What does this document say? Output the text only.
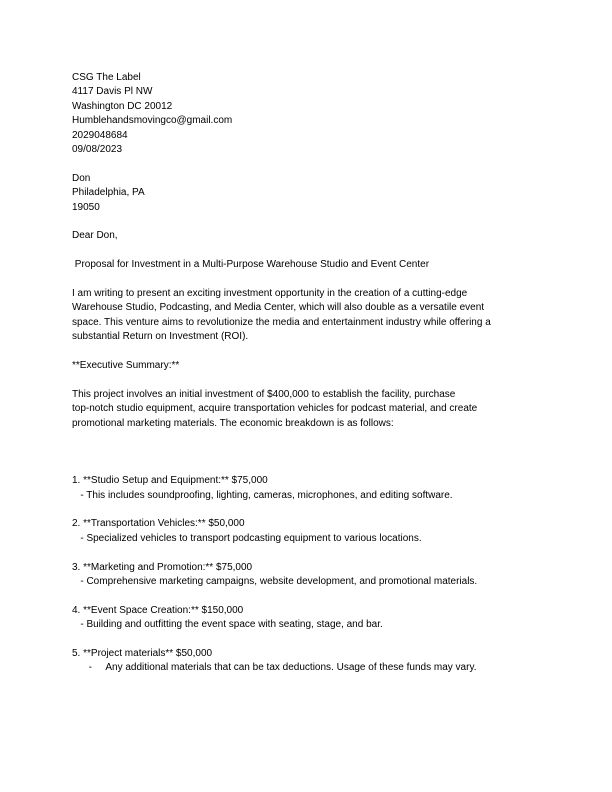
CSG The Label
4117 Davis Pl NW
Washington DC 20012
Humblehandsmovingco@gmail.com
2029048684
09/08/2023
Don
Philadelphia, PA
19050
Dear Don,
Proposal for Investment in a Multi-Purpose Warehouse Studio and Event Center
I am writing to present an exciting investment opportunity in the creation of a cutting-edge
Warehouse Studio, Podcasting, and Media Center, which will also double as a versatile event
space. This venture aims to revolutionize the media and entertainment industry while offering a
substantial Return on Investment (ROI).
**Executive Summary:**
This project involves an initial investment of $400,000 to establish the facility, purchase
top-notch studio equipment, acquire transportation vehicles for podcast material, and create
promotional marketing materials. The economic breakdown is as follows:
1. **Studio Setup and Equipment:** $75,000
- This includes soundproofing, lighting, cameras, microphones, and editing software.
2. **Transportation Vehicles:** $50,000
- Specialized vehicles to transport podcasting equipment to various locations.
3. **Marketing and Promotion:** $75,000
- Comprehensive marketing campaigns, website development, and promotional materials.
4. **Event Space Creation:** $150,000
- Building and outfitting the event space with seating, stage, and bar.
5. **Project materials** $50,000
-     Any additional materials that can be tax deductions. Usage of these funds may vary.
